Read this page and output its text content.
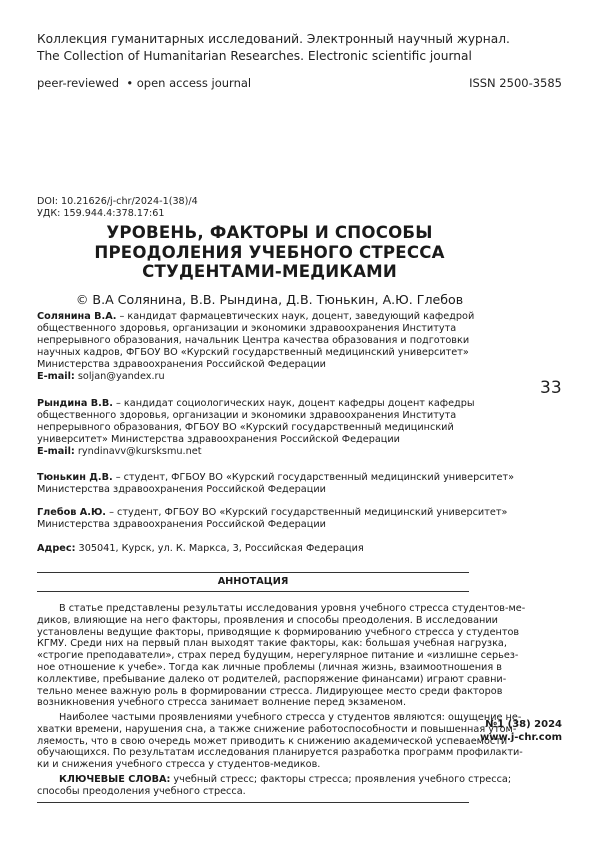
Коллекция гуманитарных исследований. Электронный научный журнал.
The Collection of Humanitarian Researches. Electronic scientific journal
peer-reviewed • open access journal	ISSN 2500-3585
DOI: 10.21626/j-chr/2024-1(38)/4
УДК: 159.944.4:378.17:61
УРОВЕНЬ, ФАКТОРЫ И СПОСОБЫ
ПРЕОДОЛЕНИЯ УЧЕБНОГО СТРЕССА
СТУДЕНТАМИ-МЕДИКАМИ
© В.А Солянина, В.В. Рындина, Д.В. Тюнькин, А.Ю. Глебов
Солянина В.А. – кандидат фармацевтических наук, доцент, заведующий кафедрой
общественного здоровья, организации и экономики здравоохранения Института
непрерывного образования, начальник Центра качества образования и подготовки
научных кадров, ФГБОУ ВО «Курский государственный медицинский университет»
Министерства здравоохранения Российской Федерации
E-mail: soljan@yandex.ru
Рындина В.В. – кандидат социологических наук, доцент кафедры доцент кафедры
общественного здоровья, организации и экономики здравоохранения Института
непрерывного образования, ФГБОУ ВО «Курский государственный медицинский
университет» Министерства здравоохранения Российской Федерации
E-mail: ryndinavv@kursksmu.net
Тюнькин Д.В. – студент, ФГБОУ ВО «Курский государственный медицинский университет»
Министерства здравоохранения Российской Федерации
Глебов А.Ю. – студент, ФГБОУ ВО «Курский государственный медицинский университет»
Министерства здравоохранения Российской Федерации
Адрес: 305041, Курск, ул. К. Маркса, 3, Российская Федерация
33
АННОТАЦИЯ
В статье представлены результаты исследования уровня учебного стресса студентов-ме-
диков, влияющие на него факторы, проявления и способы преодоления. В исследовании
установлены ведущие факторы, приводящие к формированию учебного стресса у студентов
КГМУ. Среди них на первый план выходят такие факторы, как: большая учебная нагрузка,
«строгие преподаватели», страх перед будущим, нерегулярное питание и «излишне серьез-
ное отношение к учебе». Тогда как личные проблемы (личная жизнь, взаимоотношения в
коллективе, пребывание далеко от родителей, распоряжение финансами) играют сравни-
тельно менее важную роль в формировании стресса. Лидирующее место среди факторов
возникновения учебного стресса занимает волнение перед экзаменом.
Наиболее частыми проявлениями учебного стресса у студентов являются: ощущение не-
хватки времени, нарушения сна, а также снижение работоспособности и повышенная утом-
ляемость, что в свою очередь может приводить к снижению академической успеваемости
обучающихся. По результатам исследования планируется разработка программ профилакти-
ки и снижения учебного стресса у студентов-медиков.
КЛЮЧЕВЫЕ СЛОВА: учебный стресс; факторы стресса; проявления учебного стресса;
способы преодоления учебного стресса.
№1 (38) 2024
www.j-chr.com
